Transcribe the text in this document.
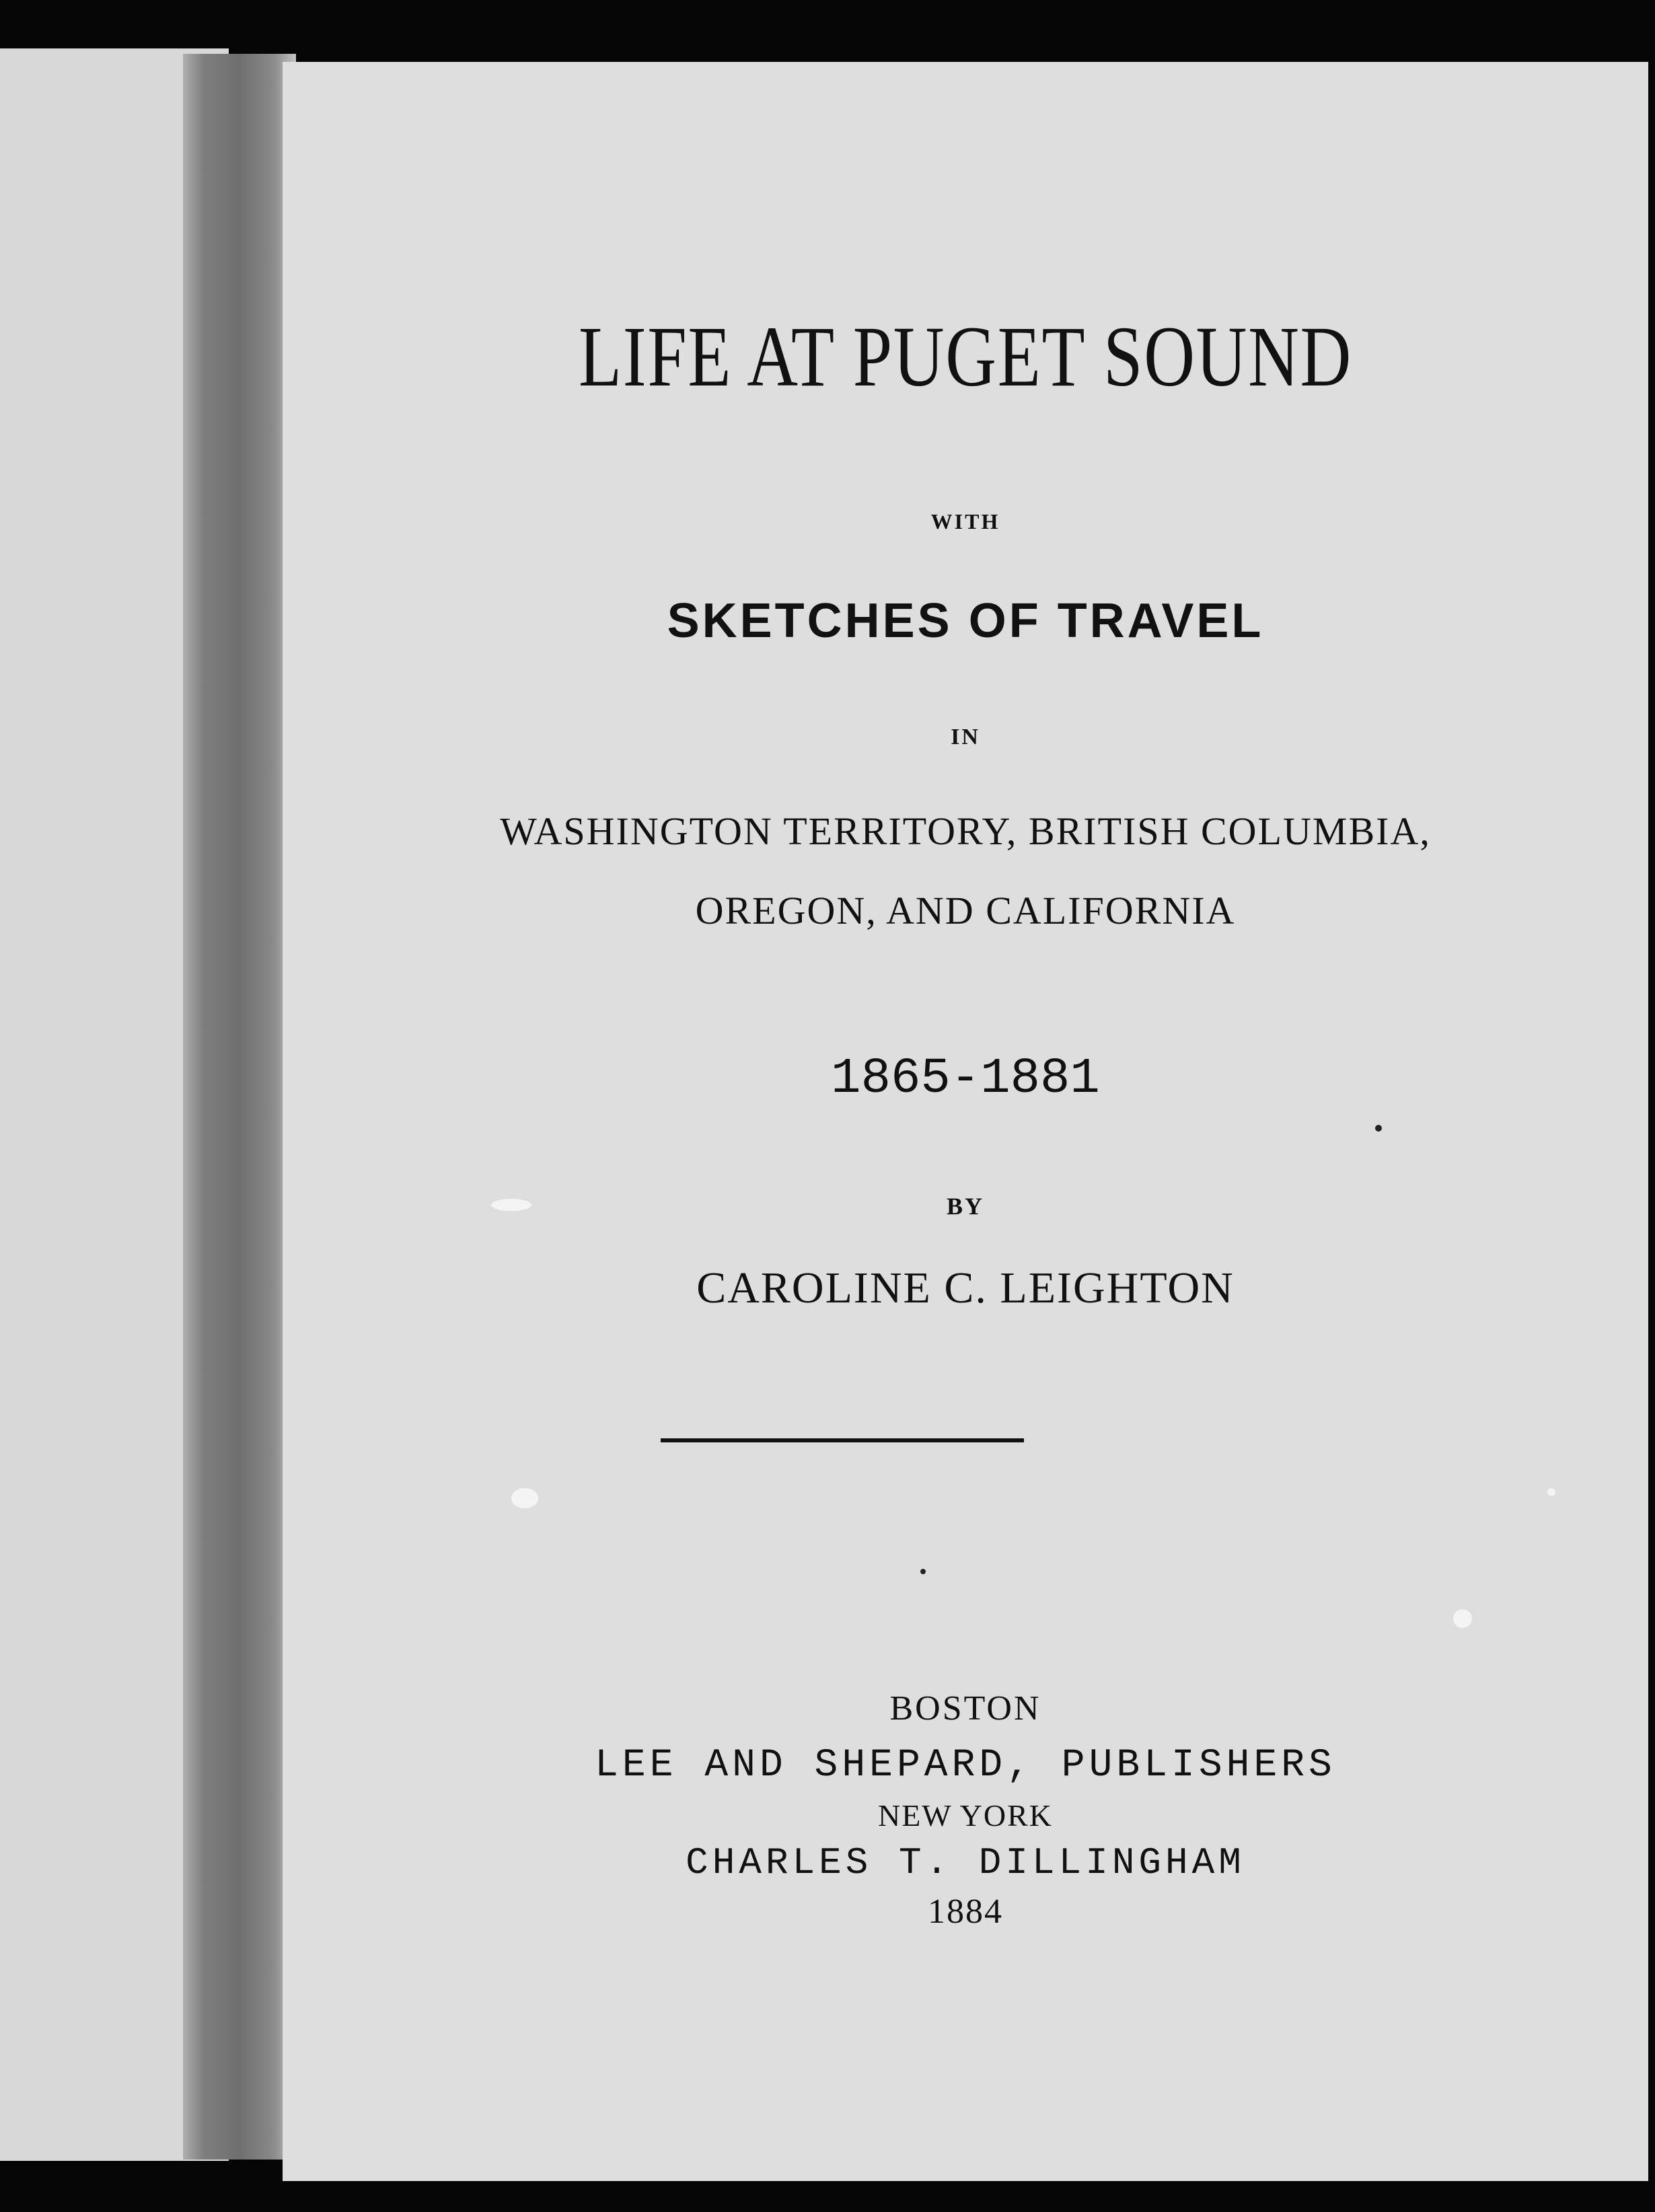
LIFE AT PUGET SOUND

WITH

SKETCHES OF TRAVEL

IN

WASHINGTON TERRITORY, BRITISH COLUMBIA,

OREGON, AND CALIFORNIA

1865-1881

BY

CAROLINE C. LEIGHTON

BOSTON

LEE AND SHEPARD, PUBLISHERS

NEW YORK

CHARLES T. DILLINGHAM

1884
